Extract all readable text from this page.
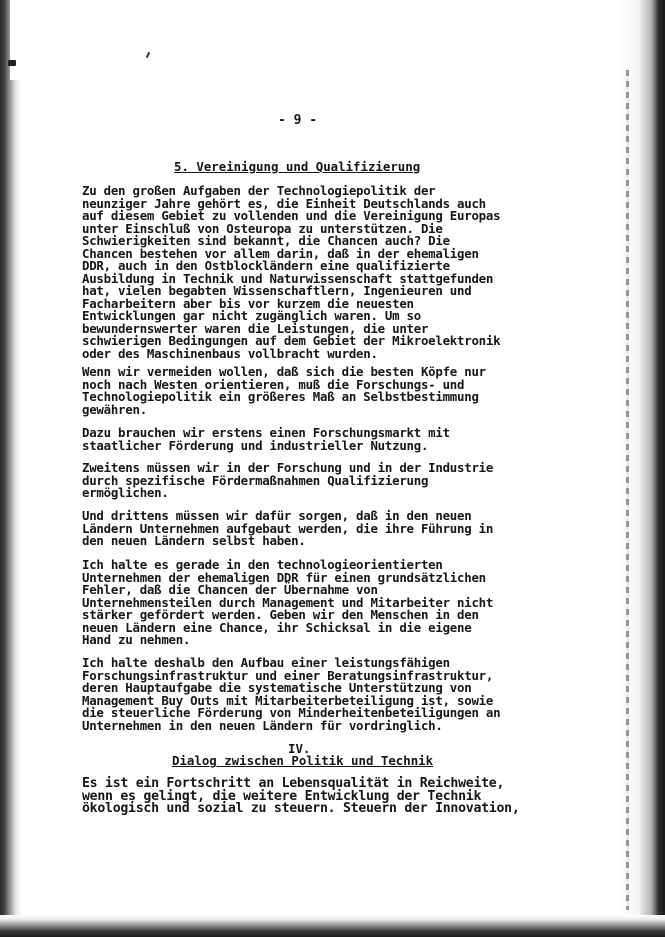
- 9 -
5. Vereinigung und Qualifizierung
Zu den großen Aufgaben der Technologiepolitik der
neunziger Jahre gehört es, die Einheit Deutschlands auch
auf diesem Gebiet zu vollenden und die Vereinigung Europas
unter Einschluß von Osteuropa zu unterstützen. Die
Schwierigkeiten sind bekannt, die Chancen auch? Die
Chancen bestehen vor allem darin, daß in der ehemaligen
DDR, auch in den Ostblockländern eine qualifizierte
Ausbildung in Technik und Naturwissenschaft stattgefunden
hat, vielen begabten Wissenschaftlern, Ingenieuren und
Facharbeitern aber bis vor kurzem die neuesten
Entwicklungen gar nicht zugänglich waren. Um so
bewundernswerter waren die Leistungen, die unter
schwierigen Bedingungen auf dem Gebiet der Mikroelektronik
oder des Maschinenbaus vollbracht wurden.
Wenn wir vermeiden wollen, daß sich die besten Köpfe nur
noch nach Westen orientieren, muß die Forschungs- und
Technologiepolitik ein größeres Maß an Selbstbestimmung
gewähren.
Dazu brauchen wir erstens einen Forschungsmarkt mit
staatlicher Förderung und industrieller Nutzung.
Zweitens müssen wir in der Forschung und in der Industrie
durch spezifische Fördermaßnahmen Qualifizierung
ermöglichen.
Und drittens müssen wir dafür sorgen, daß in den neuen
Ländern Unternehmen aufgebaut werden, die ihre Führung in
den neuen Ländern selbst haben.
Ich halte es gerade in den technologieorientierten
Unternehmen der ehemaligen DDR für einen grundsätzlichen
Fehler, daß die Chancen der Übernahme von
Unternehmensteilen durch Management und Mitarbeiter nicht
stärker gefördert werden. Geben wir den Menschen in den
neuen Ländern eine Chance, ihr Schicksal in die eigene
Hand zu nehmen.
Ich halte deshalb den Aufbau einer leistungsfähigen
Forschungsinfrastruktur und einer Beratungsinfrastruktur,
deren Hauptaufgabe die systematische Unterstützung von
Management Buy Outs mit Mitarbeiterbeteiligung ist, sowie
die steuerliche Förderung von Minderheitenbeteiligungen an
Unternehmen in den neuen Ländern für vordringlich.
IV.
Dialog zwischen Politik und Technik
Es ist ein Fortschritt an Lebensqualität in Reichweite,
wenn es gelingt, die weitere Entwicklung der Technik
ökologisch und sozial zu steuern. Steuern der Innovation,
